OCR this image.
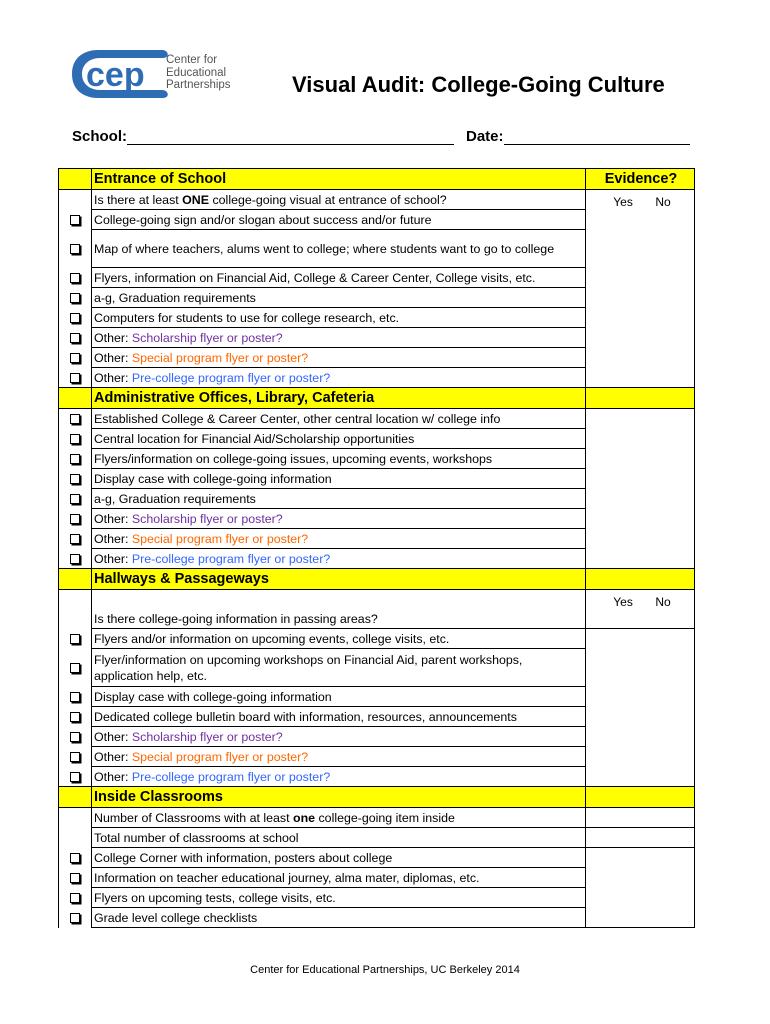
cep Center for
Educational
Partnerships	Visual Audit: College-Going Culture
School:	Date:
	Entrance of School	Evidence?
	Is there at least ONE college-going visual at entrance of school?	Yes No

	College-going sign and/or slogan about success and/or future	
	Map of where teachers, alums went to college; where students want to go to college	
	Flyers, information on Financial Aid, College & Career Center, College visits, etc.	
	a-g, Graduation requirements	
	Computers for students to use for college research, etc.	
	Other: Scholarship flyer or poster?	
	Other: Special program flyer or poster?	
	Other: Pre-college program flyer or poster?	
	Administrative Offices, Library, Cafeteria	
	Established College & Career Center, other central location w/ college info	
	Central location for Financial Aid/Scholarship opportunities	
	Flyers/information on college-going issues, upcoming events, workshops	
	Display case with college-going information	
	a-g, Graduation requirements	
	Other: Scholarship flyer or poster?	
	Other: Special program flyer or poster?	
	Other: Pre-college program flyer or poster?	
	Hallways & Passageways	
	Is there college-going information in passing areas?	Yes No

	Flyers and/or information on upcoming events, college visits, etc.	
	Flyer/information on upcoming workshops on Financial Aid, parent workshops, application help, etc.	
	Display case with college-going information	
	Dedicated college bulletin board with information, resources, announcements	
	Other: Scholarship flyer or poster?	
	Other: Special program flyer or poster?	
	Other: Pre-college program flyer or poster?	
	Inside Classrooms	
	Number of Classrooms with at least one college-going item inside	
	Total number of classrooms at school	
	College Corner with information, posters about college	
	Information on teacher educational journey, alma mater, diplomas, etc.	
	Flyers on upcoming tests, college visits, etc.	
	Grade level college checklists	
Center for Educational Partnerships, UC Berkeley 2014
